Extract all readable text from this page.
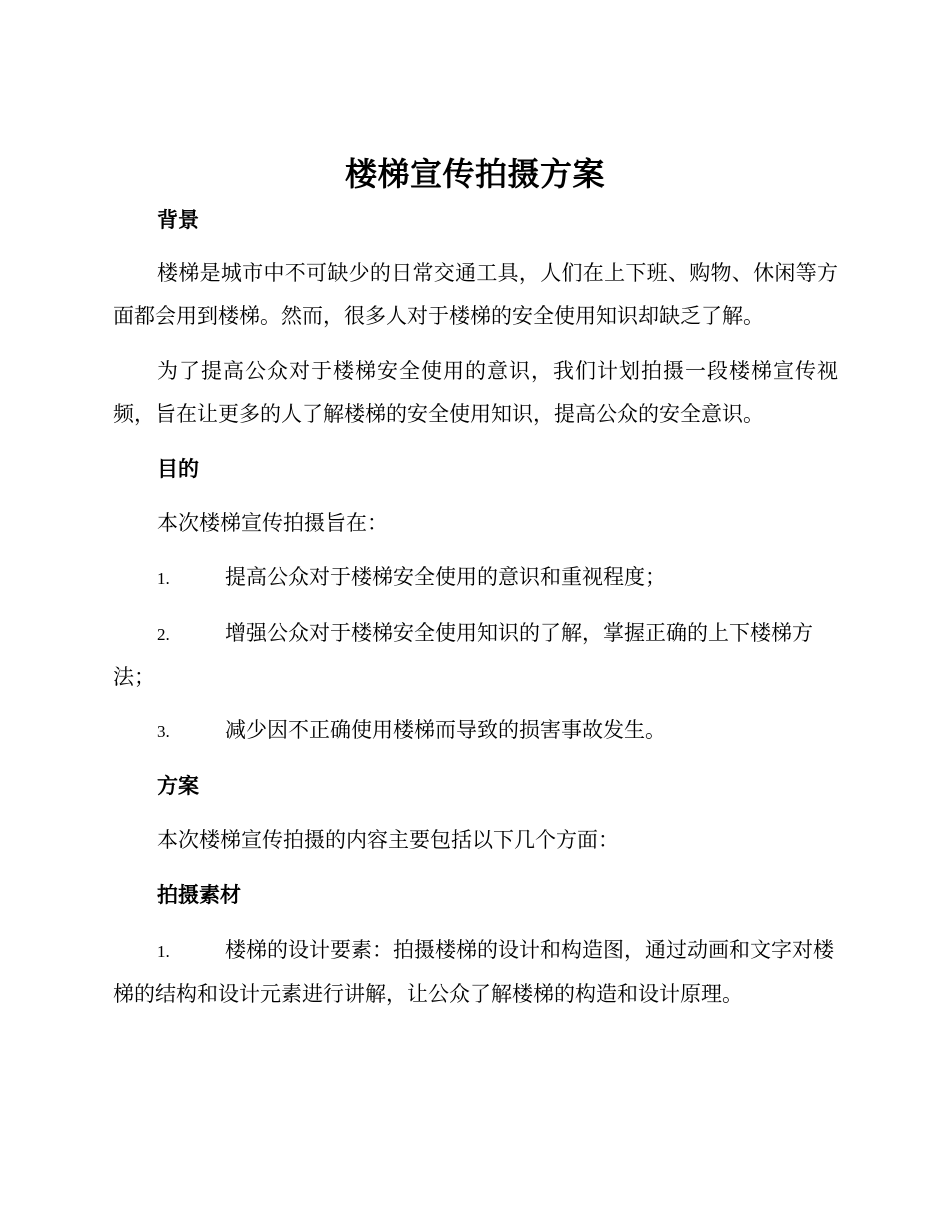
楼梯宣传拍摄方案
背景

楼梯是城市中不可缺少的日常交通工具，人们在上下班、购物、休闲等方面都会用到楼梯。然而，很多人对于楼梯的安全使用知识却缺乏了解。

为了提高公众对于楼梯安全使用的意识，我们计划拍摄一段楼梯宣传视频，旨在让更多的人了解楼梯的安全使用知识，提高公众的安全意识。

目的
本次楼梯宣传拍摄旨在：

1.	提高公众对于楼梯安全使用的意识和重视程度；

2.	增强公众对于楼梯安全使用知识的了解，掌握正确的上下楼梯方法；

3.	减少因不正确使用楼梯而导致的损害事故发生。

方案
本次楼梯宣传拍摄的内容主要包括以下几个方面：
拍摄素材

1.	楼梯的设计要素：拍摄楼梯的设计和构造图，通过动画和文字对楼梯的结构和设计元素进行讲解，让公众了解楼梯的构造和设计原理。
